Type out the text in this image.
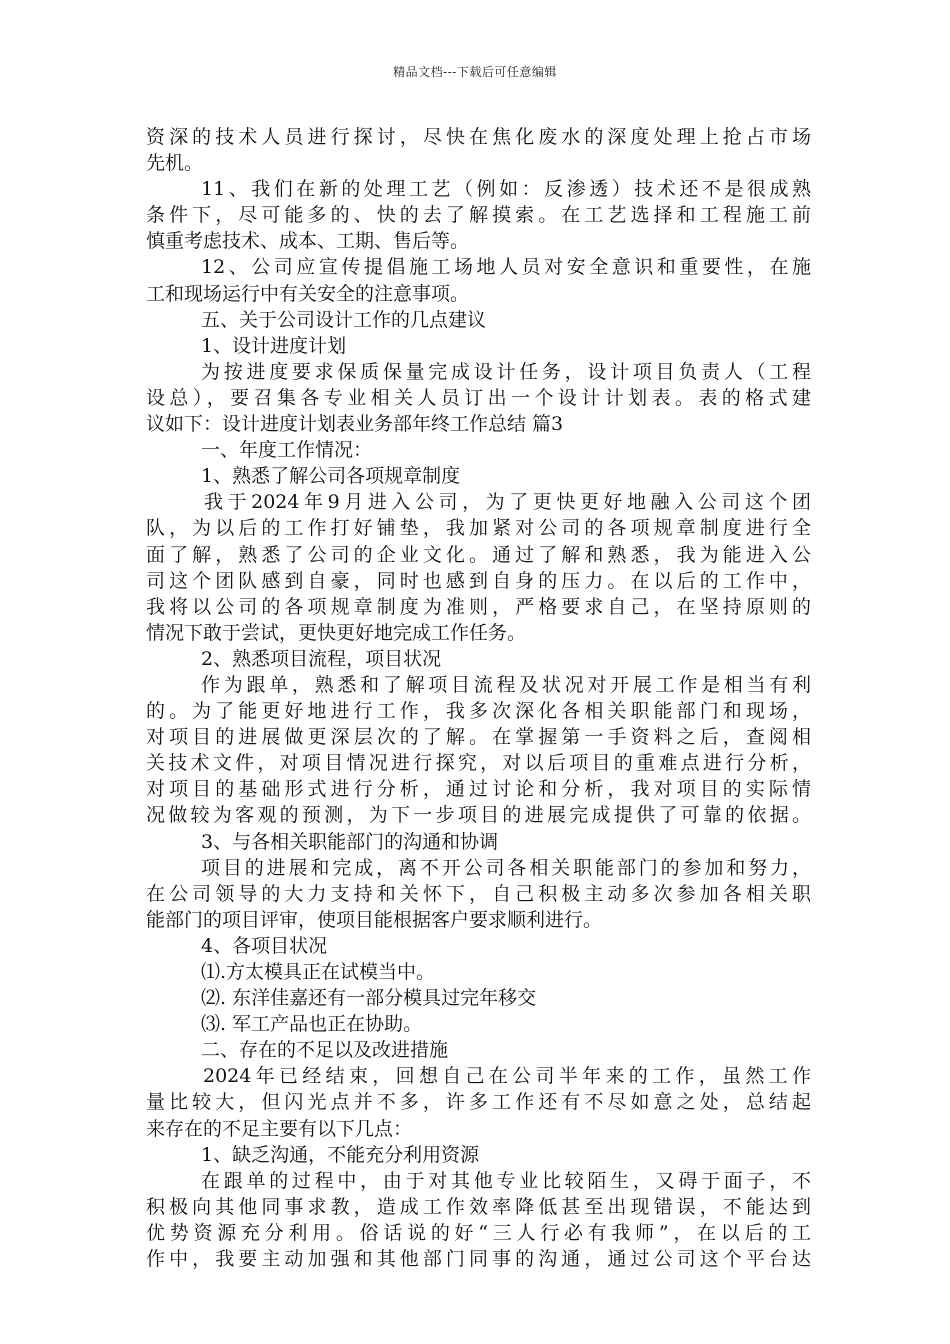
精品文档---下载后可任意编辑
资深的技术人员进行探讨，尽快在焦化废水的深度处理上抢占市场
先机。
11、我们在新的处理工艺（例如：反渗透）技术还不是很成熟
条件下，尽可能多的、快的去了解摸索。在工艺选择和工程施工前
慎重考虑技术、成本、工期、售后等。
12、公司应宣传提倡施工场地人员对安全意识和重要性，在施
工和现场运行中有关安全的注意事项。
五、关于公司设计工作的几点建议
1、设计进度计划
为按进度要求保质保量完成设计任务，设计项目负责人（工程
设总），要召集各专业相关人员订出一个设计计划表。表的格式建
议如下：设计进度计划表业务部年终工作总结 篇3
一、年度工作情况：
1、熟悉了解公司各项规章制度
我于2024年9月进入公司，为了更快更好地融入公司这个团
队，为以后的工作打好铺垫，我加紧对公司的各项规章制度进行全
面了解，熟悉了公司的企业文化。通过了解和熟悉，我为能进入公
司这个团队感到自豪，同时也感到自身的压力。在以后的工作中，
我将以公司的各项规章制度为准则，严格要求自己，在坚持原则的
情况下敢于尝试，更快更好地完成工作任务。
2、熟悉项目流程，项目状况
作为跟单，熟悉和了解项目流程及状况对开展工作是相当有利
的。为了能更好地进行工作，我多次深化各相关职能部门和现场，
对项目的进展做更深层次的了解。在掌握第一手资料之后，查阅相
关技术文件，对项目情况进行探究，对以后项目的重难点进行分析，
对项目的基础形式进行分析，通过讨论和分析，我对项目的实际情
况做较为客观的预测，为下一步项目的进展完成提供了可靠的依据。
3、与各相关职能部门的沟通和协调
项目的进展和完成，离不开公司各相关职能部门的参加和努力，
在公司领导的大力支持和关怀下，自己积极主动多次参加各相关职
能部门的项目评审，使项目能根据客户要求顺利进行。
4、各项目状况
⑴.方太模具正在试模当中。
⑵. 东洋佳嘉还有一部分模具过完年移交
⑶. 军工产品也正在协助。
二、存在的不足以及改进措施
2024年已经结束，回想自己在公司半年来的工作，虽然工作
量比较大，但闪光点并不多，许多工作还有不尽如意之处，总结起
来存在的不足主要有以下几点：
1、缺乏沟通，不能充分利用资源
在跟单的过程中，由于对其他专业比较陌生，又碍于面子，不
积极向其他同事求教，造成工作效率降低甚至出现错误，不能达到
优势资源充分利用。俗话说的好“三人行必有我师”，在以后的工
作中，我要主动加强和其他部门同事的沟通，通过公司这个平台达
